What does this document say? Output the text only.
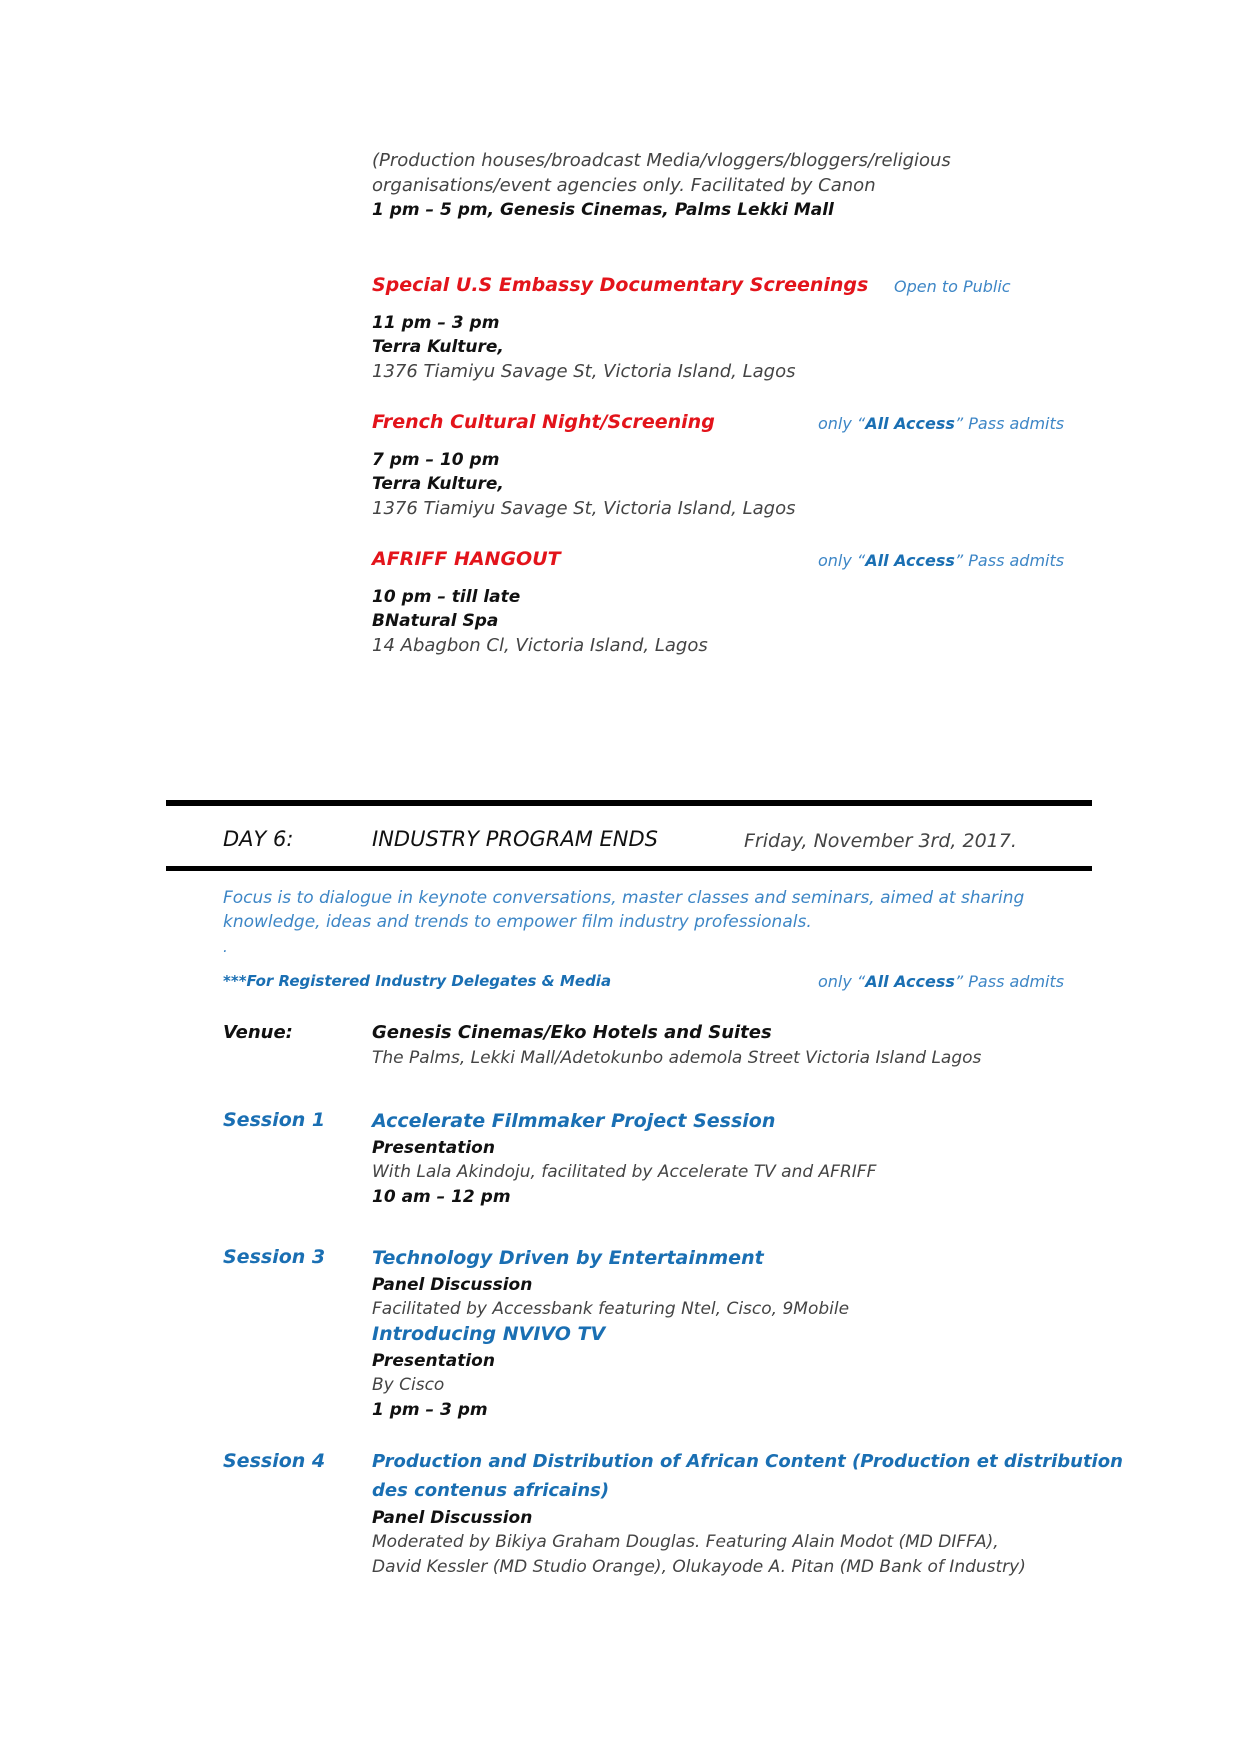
(Production houses/broadcast Media/vloggers/bloggers/religious
organisations/event agencies only. Facilitated by Canon
1 pm – 5 pm, Genesis Cinemas, Palms Lekki Mall
Special U.S Embassy Documentary Screenings Open to Public
11 pm – 3 pm
Terra Kulture,
1376 Tiamiyu Savage St, Victoria Island, Lagos
French Cultural Night/Screening	only “All Access” Pass admits
7 pm – 10 pm
Terra Kulture,
1376 Tiamiyu Savage St, Victoria Island, Lagos
AFRIFF HANGOUT	only “All Access” Pass admits
10 pm – till late
BNatural Spa
14 Abagbon Cl, Victoria Island, Lagos
DAY 6:	INDUSTRY PROGRAM ENDS	Friday, November 3rd, 2017.
Focus is to dialogue in keynote conversations, master classes and seminars, aimed at sharing
knowledge, ideas and trends to empower film industry professionals.
.
***For Registered Industry Delegates & Media	only “All Access” Pass admits
Venue:	Genesis Cinemas/Eko Hotels and Suites
The Palms, Lekki Mall/Adetokunbo ademola Street Victoria Island Lagos
Session 1 Accelerate Filmmaker Project Session
Presentation
With Lala Akindoju, facilitated by Accelerate TV and AFRIFF
10 am – 12 pm
Session 3 Technology Driven by Entertainment
Panel Discussion
Facilitated by Accessbank featuring Ntel, Cisco, 9Mobile
Introducing NVIVO TV
Presentation
By Cisco
1 pm – 3 pm
Session 4	Production and Distribution of African Content (Production et distribution
des contenus africains)
Panel Discussion
Moderated by Bikiya Graham Douglas. Featuring Alain Modot (MD DIFFA),
David Kessler (MD Studio Orange), Olukayode A. Pitan (MD Bank of Industry)
